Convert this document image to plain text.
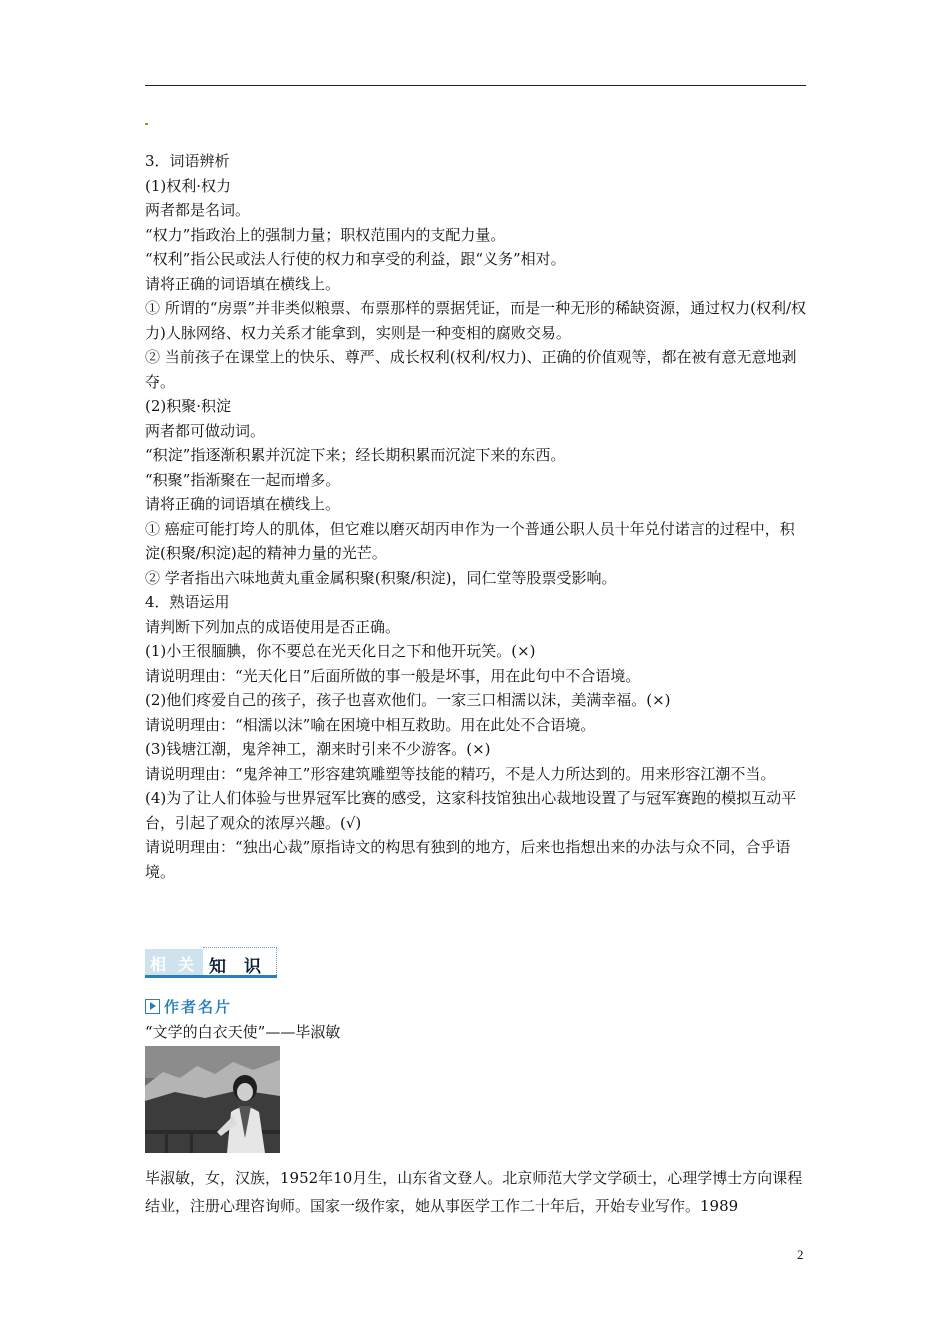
3．词语辨析

(1)权利·权力

两者都是名词。

“权力”指政治上的强制力量；职权范围内的支配力量。

“权利”指公民或法人行使的权力和享受的利益，跟“义务”相对。

请将正确的词语填在横线上。

① 所谓的“房票”并非类似粮票、布票那样的票据凭证，而是一种无形的稀缺资源，通过权力(权利/权力)人脉网络、权力关系才能拿到，实则是一种变相的腐败交易。

② 当前孩子在课堂上的快乐、尊严、成长权利(权利/权力)、正确的价值观等，都在被有意无意地剥夺。

(2)积聚·积淀

两者都可做动词。

“积淀”指逐渐积累并沉淀下来；经长期积累而沉淀下来的东西。

“积聚”指渐聚在一起而增多。

请将正确的词语填在横线上。

① 癌症可能打垮人的肌体，但它难以磨灭胡丙申作为一个普通公职人员十年兑付诺言的过程中，积淀(积聚/积淀)起的精神力量的光芒。

② 学者指出六味地黄丸重金属积聚(积聚/积淀)，同仁堂等股票受影响。

4．熟语运用

请判断下列加点的成语使用是否正确。

(1)小王很腼腆，你不要总在光天化日之下和他开玩笑。(×)

请说明理由：“光天化日”后面所做的事一般是坏事，用在此句中不合语境。

(2)他们疼爱自己的孩子，孩子也喜欢他们。一家三口相濡以沫，美满幸福。(×)

请说明理由：“相濡以沫”喻在困境中相互救助。用在此处不合语境。

(3)钱塘江潮，鬼斧神工，潮来时引来不少游客。(×)

请说明理由：“鬼斧神工”形容建筑雕塑等技能的精巧，不是人力所达到的。用来形容江潮不当。

(4)为了让人们体验与世界冠军比赛的感受，这家科技馆独出心裁地设置了与冠军赛跑的模拟互动平台，引起了观众的浓厚兴趣。(√)

请说明理由：“独出心裁”原指诗文的构思有独到的地方，后来也指想出来的办法与众不同，合乎语境。

相 关 知 识
作者名片
“文学的白衣天使”——毕淑敏

毕淑敏，女，汉族，1952年10月生，山东省文登人。北京师范大学文学硕士，心理学博士方向课程结业，注册心理咨询师。国家一级作家，她从事医学工作二十年后，开始专业写作。1989

2
